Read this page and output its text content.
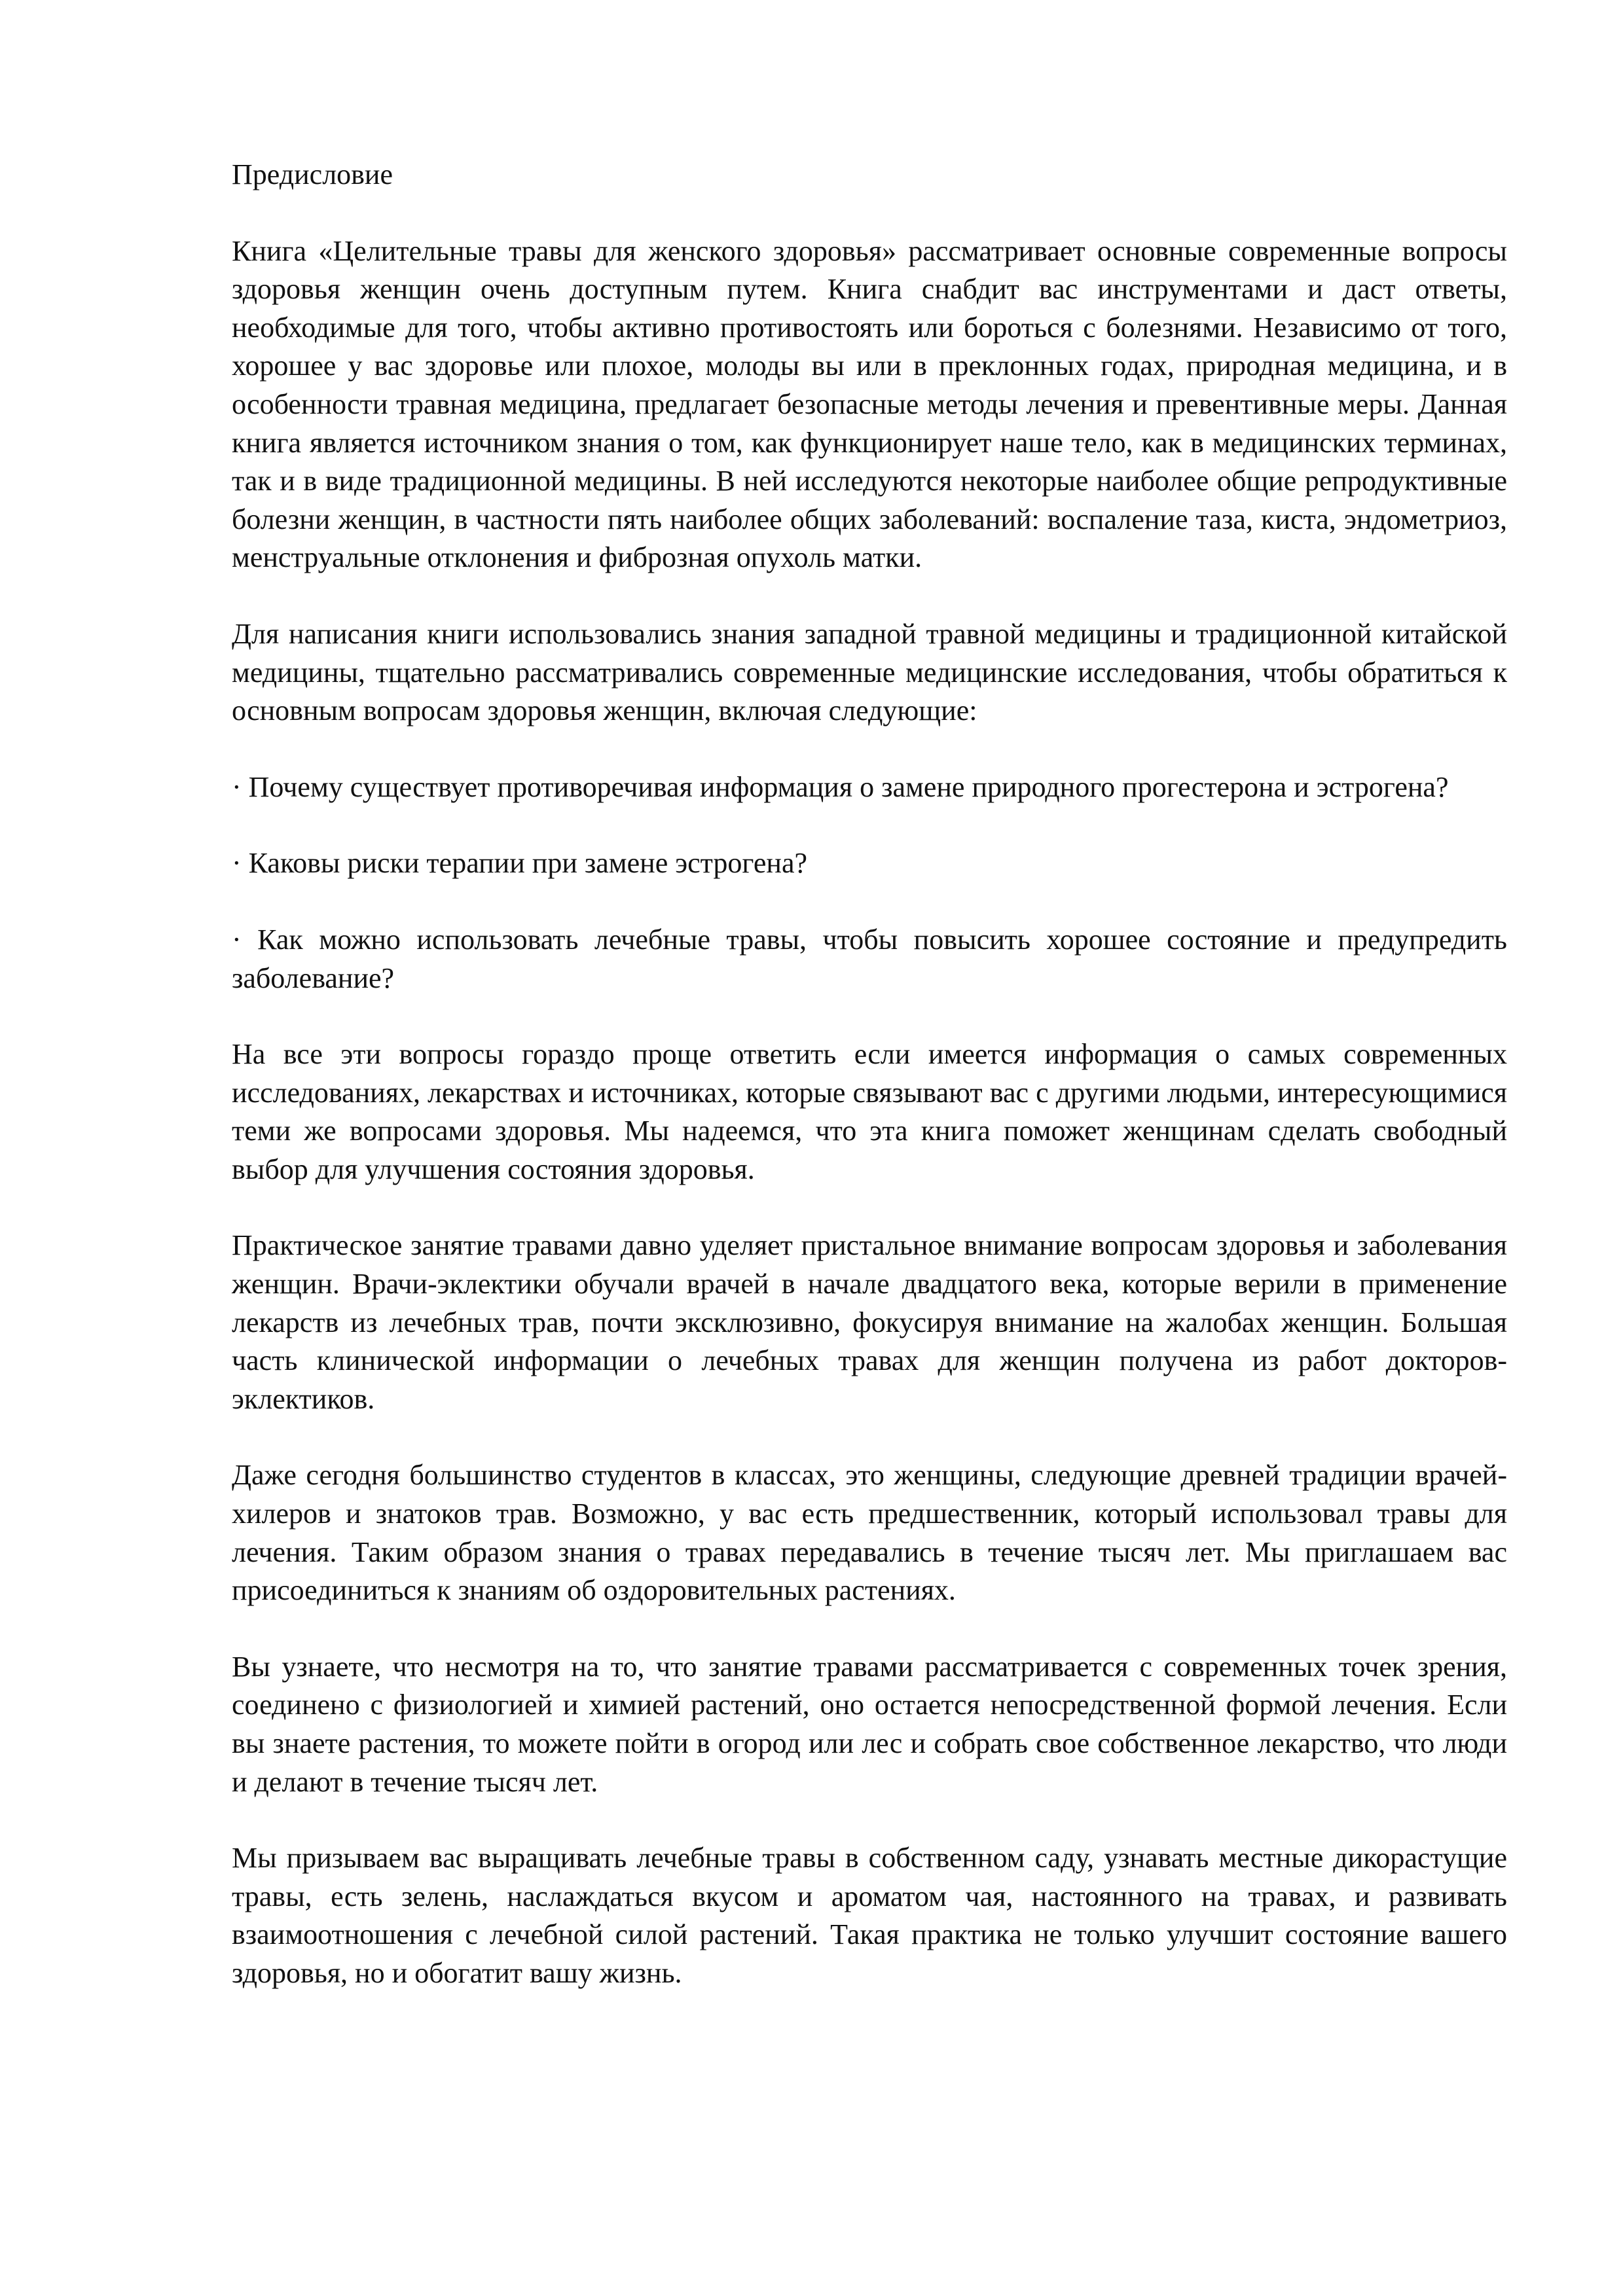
Предисловие

Книга «Целительные травы для женского здоровья» рассматривает основные современные вопросы здоровья женщин очень доступным путем. Книга снабдит вас инструментами и даст ответы, необходимые для того, чтобы активно противостоять или бороться с болезнями. Независимо от того, хорошее у вас здоровье или плохое, молоды вы или в преклонных годах, природная медицина, и в особенности травная медицина, предлагает безопасные методы лечения и превентивные меры. Данная книга является источником знания о том, как функционирует наше тело, как в медицинских терминах, так и в виде традиционной медицины. В ней исследуются некоторые наиболее общие репродуктивные болезни женщин, в частности пять наиболее общих заболеваний: воспаление таза, киста, эндометриоз, менструальные отклонения и фиброзная опухоль матки.

Для написания книги использовались знания западной травной медицины и традиционной китайской медицины, тщательно рассматривались современные медицинские исследования, чтобы обратиться к основным вопросам здоровья женщин, включая следующие:

· Почему существует противоречивая информация о замене природного прогестерона и эстрогена?

· Каковы риски терапии при замене эстрогена?

· Как можно использовать лечебные травы, чтобы повысить хорошее состояние и предупредить заболевание?

На все эти вопросы гораздо проще ответить если имеется информация о самых современных исследованиях, лекарствах и источниках, которые связывают вас с другими людьми, интересующимися теми же вопросами здоровья. Мы надеемся, что эта книга поможет женщинам сделать свободный выбор для улучшения состояния здоровья.

Практическое занятие травами давно уделяет пристальное внимание вопросам здоровья и заболевания женщин. Врачи-эклектики обучали врачей в начале двадцатого века, которые верили в применение лекарств из лечебных трав, почти эксклюзивно, фокусируя внимание на жалобах женщин. Большая часть клинической информации о лечебных травах для женщин получена из работ докторов-эклектиков.

Даже сегодня большинство студентов в классах, это женщины, следующие древней традиции врачей-хилеров и знатоков трав. Возможно, у вас есть предшественник, который использовал травы для лечения. Таким образом знания о травах передавались в течение тысяч лет. Мы приглашаем вас присоединиться к знаниям об оздоровительных растениях.

Вы узнаете, что несмотря на то, что занятие травами рассматривается с современных точек зрения, соединено с физиологией и химией растений, оно остается непосредственной формой лечения. Если вы знаете растения, то можете пойти в огород или лес и собрать свое собственное лекарство, что люди и делают в течение тысяч лет.

Мы призываем вас выращивать лечебные травы в собственном саду, узнавать местные дикорастущие травы, есть зелень, наслаждаться вкусом и ароматом чая, настоянного на травах, и развивать взаимоотношения с лечебной силой растений. Такая практика не только улучшит состояние вашего здоровья, но и обогатит вашу жизнь.
